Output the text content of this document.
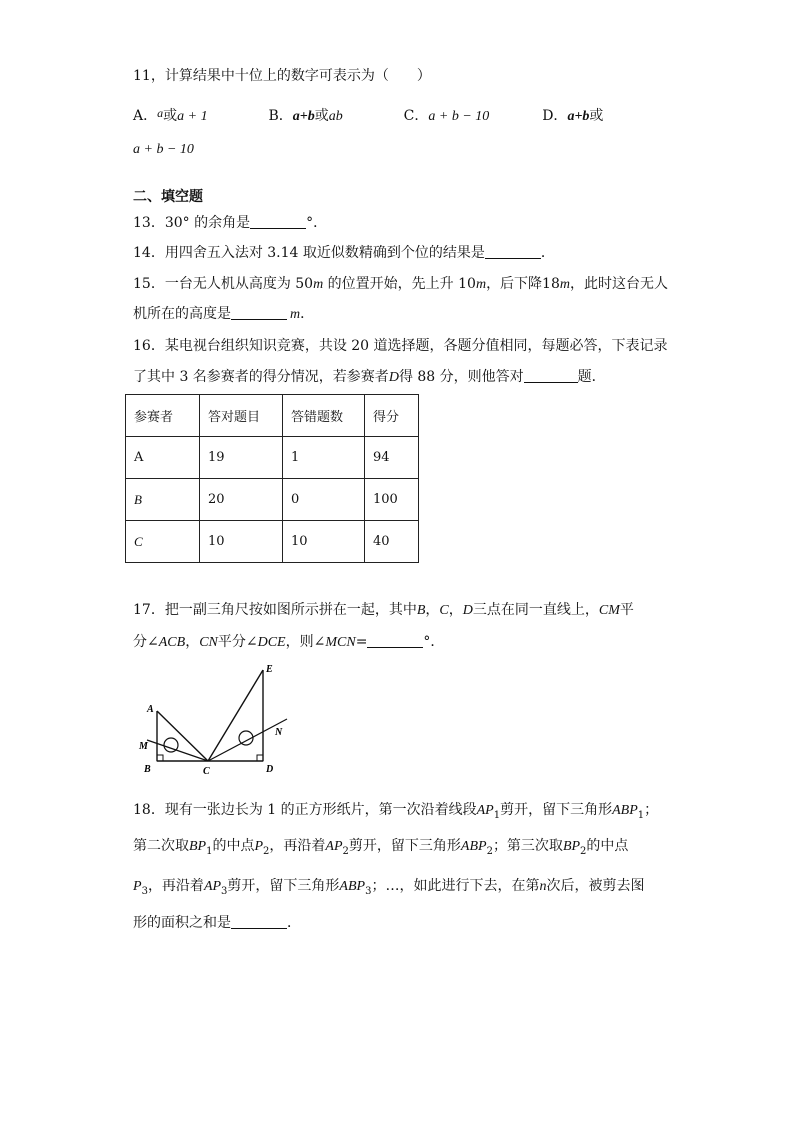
11，计算结果中十位上的数字可表示为（　　）
A．a或a + 1	B．a+b或ab	C．a + b − 10	D．a+b或
a + b − 10
二、填空题
13．30° 的余角是	°．
14．用四舍五入法对 3.14 取近似数精确到个位的结果是	．
15．一台无人机从高度为 50m 的位置开始，先上升 10m，后下降18m，此时这台无人
机所在的高度是	m．
16．某电视台组织知识竞赛，共设 20 道选择题，各题分值相同，每题必答，下表记录
了其中 3 名参赛者的得分情况，若参赛者D得 88 分，则他答对	题．
参赛者	答对题目	答错题数	得分
A	19	1	94
B	20	0	100
C	10	10	40
17．把一副三角尺按如图所示拼在一起，其中B，C，D三点在同一直线上，CM平
分∠ACB，CN平分∠DCE，则∠MCN=	°．
A
M
B	C	D
E
N
18．现有一张边长为 1 的正方形纸片，第一次沿着线段$AP_1$剪开，留下三角形$ABP_1$；
第二次取$BP_1$的中点$P_2$，再沿着$AP_2$剪开，留下三角形$ABP_2$；第三次取$BP_2$的中点
$P_3$，再沿着$AP_3$剪开，留下三角形$ABP_3$；…，如此进行下去，在第n次后，被剪去图
形的面积之和是	．
